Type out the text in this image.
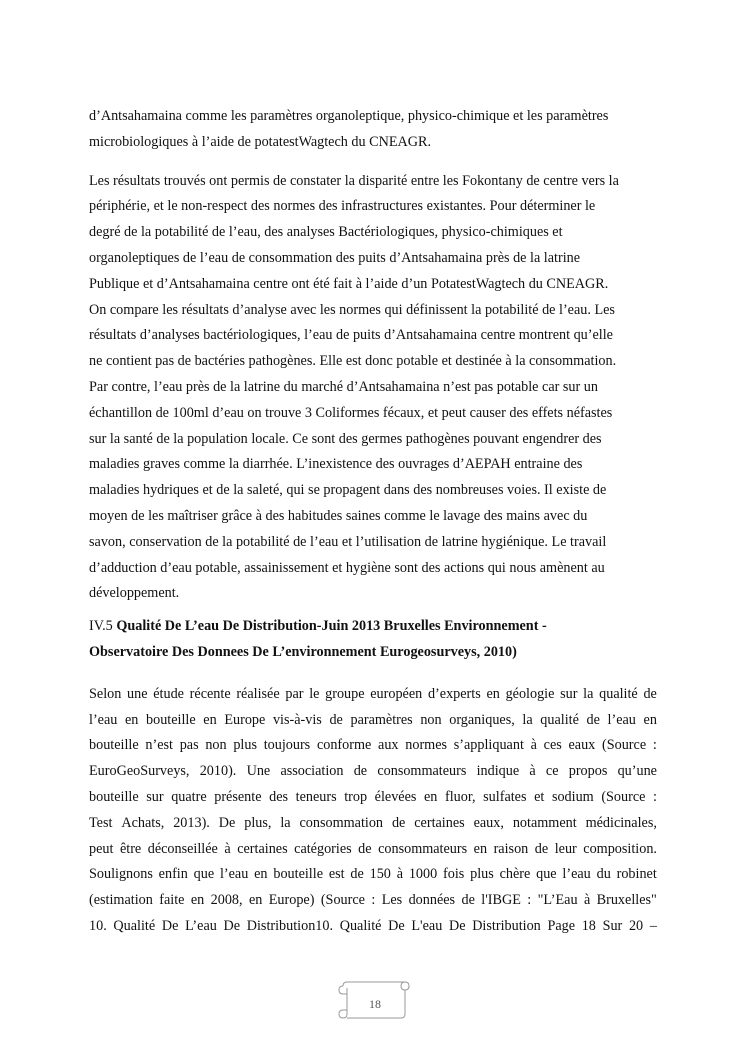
d’Antsahamaina comme les paramètres organoleptique, physico-chimique et les paramètres
microbiologiques à l’aide de potatestWagtech du CNEAGR.
Les résultats trouvés ont permis de constater la disparité entre les Fokontany de centre vers la
périphérie, et le non-respect des normes des infrastructures existantes. Pour déterminer le
degré de la potabilité de l’eau, des analyses Bactériologiques, physico-chimiques et
organoleptiques de l’eau de consommation des puits d’Antsahamaina près de la latrine
Publique et d’Antsahamaina centre ont été fait à l’aide d’un PotatestWagtech du CNEAGR.
On compare les résultats d’analyse avec les normes qui définissent la potabilité de l’eau. Les
résultats d’analyses bactériologiques, l’eau de puits d’Antsahamaina centre montrent qu’elle
ne contient pas de bactéries pathogènes. Elle est donc potable et destinée à la consommation.
Par contre, l’eau près de la latrine du marché d’Antsahamaina n’est pas potable car sur un
échantillon de 100ml d’eau on trouve 3 Coliformes fécaux, et peut causer des effets néfastes
sur la santé de la population locale. Ce sont des germes pathogènes pouvant engendrer des
maladies graves comme la diarrhée. L’inexistence des ouvrages d’AEPAH entraine des
maladies hydriques et de la saleté, qui se propagent dans des nombreuses voies. Il existe de
moyen de les maîtriser grâce à des habitudes saines comme le lavage des mains avec du
savon, conservation de la potabilité de l’eau et l’utilisation de latrine hygiénique. Le travail
d’adduction d’eau potable, assainissement et hygiène sont des actions qui nous amènent au
développement.
IV.5 Qualité De L’eau De Distribution-Juin 2013 Bruxelles Environnement -
Observatoire Des Donnees De L’environnement Eurogeosurveys, 2010)
Selon une étude récente réalisée par le groupe européen d’experts en géologie sur la qualité de
l’eau en bouteille en Europe vis-à-vis de paramètres non organiques, la qualité de l’eau en
bouteille n’est pas non plus toujours conforme aux normes s’appliquant à ces eaux (Source :
EuroGeoSurveys, 2010). Une association de consommateurs indique à ce propos qu’une
bouteille sur quatre présente des teneurs trop élevées en fluor, sulfates et sodium (Source :
Test Achats, 2013). De plus, la consommation de certaines eaux, notamment médicinales,
peut être déconseillée à certaines catégories de consommateurs en raison de leur composition.
Soulignons enfin que l’eau en bouteille est de 150 à 1000 fois plus chère que l’eau du robinet
(estimation faite en 2008, en Europe) (Source : Les données de l'IBGE : "L’Eau à Bruxelles"
10. Qualité De L’eau De Distribution10. Qualité De L'eau De Distribution Page 18 Sur 20 –
18
